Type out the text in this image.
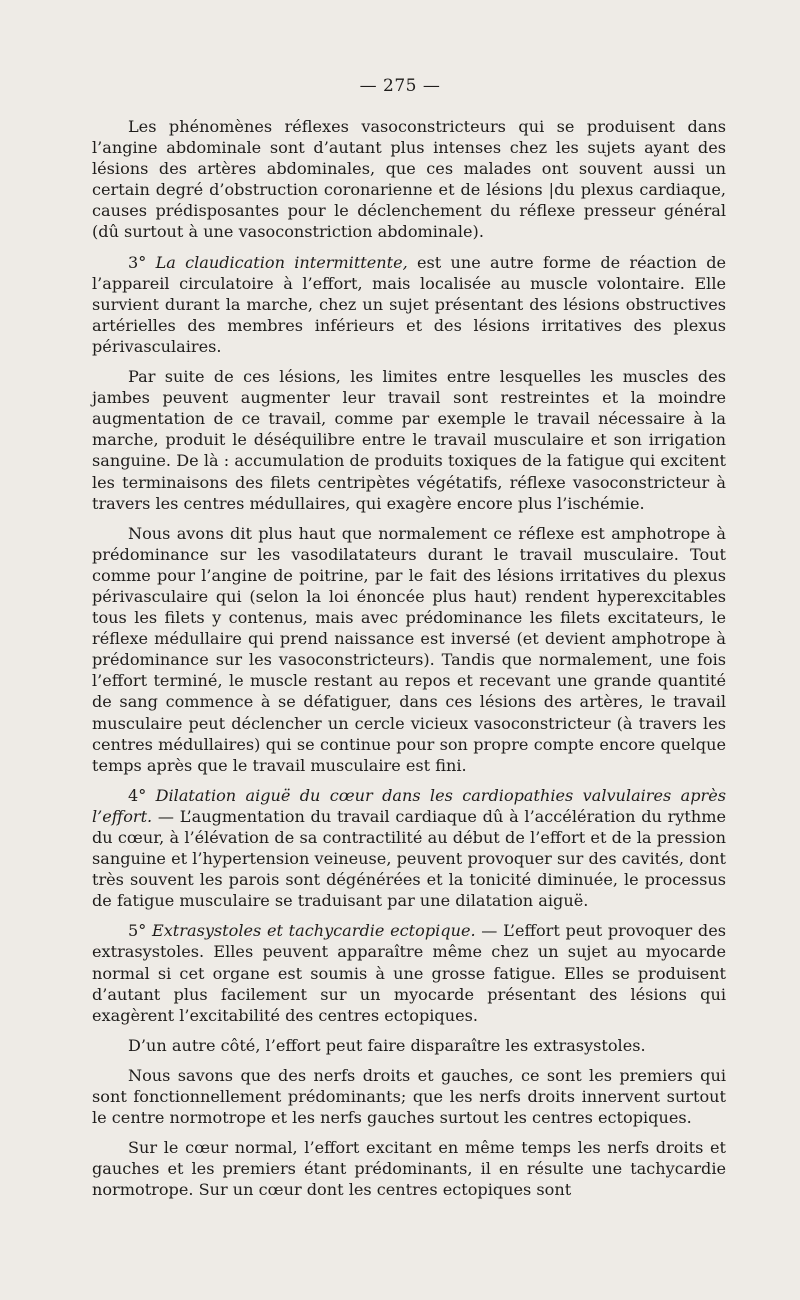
— 275 —

Les phénomènes réflexes vasoconstricteurs qui se produisent dans l’angine abdominale sont d’autant plus intenses chez les sujets ayant des lésions des artères abdominales, que ces malades ont souvent aussi un certain degré d’obstruction coronarienne et de lésions |du plexus cardiaque, causes prédisposantes pour le déclenchement du réflexe presseur général (dû surtout à une vasoconstriction abdominale).

3° La claudication intermittente, est une autre forme de réaction de l’appareil circulatoire à l’effort, mais localisée au muscle volontaire. Elle survient durant la marche, chez un sujet présentant des lésions obstructives artérielles des membres inférieurs et des lésions irritatives des plexus périvasculaires.

Par suite de ces lésions, les limites entre lesquelles les muscles des jambes peuvent augmenter leur travail sont restreintes et la moindre augmentation de ce travail, comme par exemple le travail nécessaire à la marche, produit le déséquilibre entre le travail musculaire et son irrigation sanguine. De là : accumulation de produits toxiques de la fatigue qui excitent les terminaisons des filets centripètes végétatifs, réflexe vasoconstricteur à travers les centres médullaires, qui exagère encore plus l’ischémie.

Nous avons dit plus haut que normalement ce réflexe est amphotrope à prédominance sur les vasodilatateurs durant le travail musculaire. Tout comme pour l’angine de poitrine, par le fait des lésions irritatives du plexus périvasculaire qui (selon la loi énoncée plus haut) rendent hyperexcitables tous les filets y contenus, mais avec prédominance les filets excitateurs, le réflexe médullaire qui prend naissance est inversé (et devient amphotrope à prédominance sur les vasoconstricteurs). Tandis que normalement, une fois l’effort terminé, le muscle restant au repos et recevant une grande quantité de sang commence à se défatiguer, dans ces lésions des artères, le travail musculaire peut déclencher un cercle vicieux vasoconstricteur (à travers les centres médullaires) qui se continue pour son propre compte encore quelque temps après que le travail musculaire est fini.

4° Dilatation aiguë du cœur dans les cardiopathies valvulaires après l’effort. — L’augmentation du travail cardiaque dû à l’accélération du rythme du cœur, à l’élévation de sa contractilité au début de l’effort et de la pression sanguine et l’hypertension veineuse, peuvent provoquer sur des cavités, dont très souvent les parois sont dégénérées et la tonicité diminuée, le processus de fatigue musculaire se traduisant par une dilatation aiguë.

5° Extrasystoles et tachycardie ectopique. — L’effort peut provoquer des extrasystoles. Elles peuvent apparaître même chez un sujet au myocarde normal si cet organe est soumis à une grosse fatigue. Elles se produisent d’autant plus facilement sur un myocarde présentant des lésions qui exagèrent l’excitabilité des centres ectopiques.

D’un autre côté, l’effort peut faire disparaître les extrasystoles.

Nous savons que des nerfs droits et gauches, ce sont les premiers qui sont fonctionnellement prédominants; que les nerfs droits innervent surtout le centre normotrope et les nerfs gauches surtout les centres ectopiques.

Sur le cœur normal, l’effort excitant en même temps les nerfs droits et gauches et les premiers étant prédominants, il en résulte une tachycardie normotrope. Sur un cœur dont les centres ectopiques sont
